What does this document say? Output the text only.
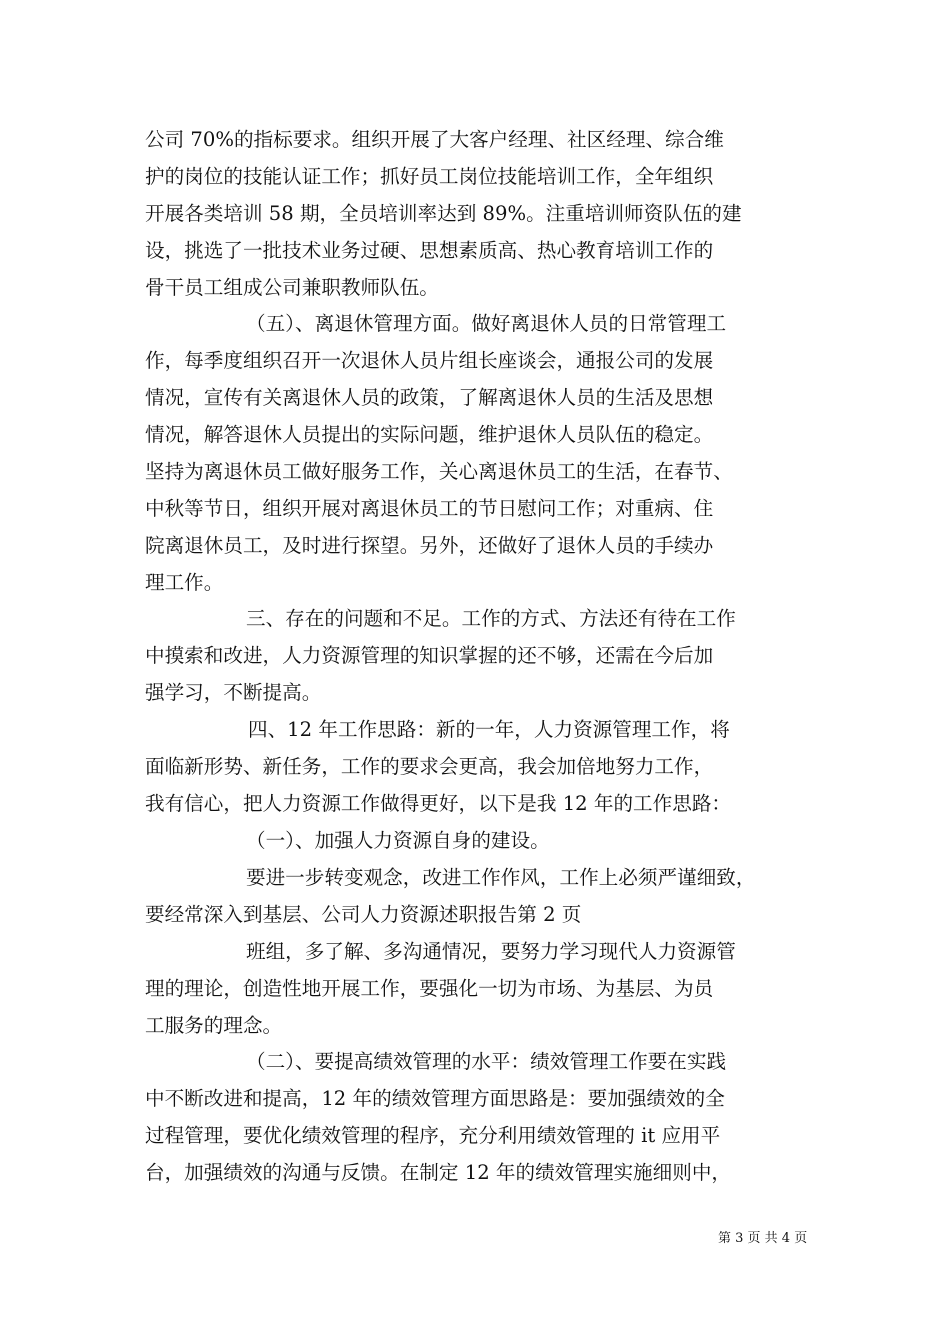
公司 70%的指标要求。组织开展了大客户经理、社区经理、综合维
护的岗位的技能认证工作；抓好员工岗位技能培训工作，全年组织
开展各类培训 58 期，全员培训率达到 89%。注重培训师资队伍的建
设，挑选了一批技术业务过硬、思想素质高、热心教育培训工作的
骨干员工组成公司兼职教师队伍。
（五）、离退休管理方面。做好离退休人员的日常管理工
作，每季度组织召开一次退休人员片组长座谈会，通报公司的发展
情况，宣传有关离退休人员的政策，了解离退休人员的生活及思想
情况，解答退休人员提出的实际问题，维护退休人员队伍的稳定。
坚持为离退休员工做好服务工作，关心离退休员工的生活，在春节、
中秋等节日，组织开展对离退休员工的节日慰问工作；对重病、住
院离退休员工，及时进行探望。另外，还做好了退休人员的手续办
理工作。
三、存在的问题和不足。工作的方式、方法还有待在工作
中摸索和改进，人力资源管理的知识掌握的还不够，还需在今后加
强学习，不断提高。
四、12 年工作思路：新的一年，人力资源管理工作，将
面临新形势、新任务，工作的要求会更高，我会加倍地努力工作，
我有信心，把人力资源工作做得更好，以下是我 12 年的工作思路：
（一）、加强人力资源自身的建设。
要进一步转变观念，改进工作作风，工作上必须严谨细致，
要经常深入到基层、公司人力资源述职报告第 2 页
班组，多了解、多沟通情况，要努力学习现代人力资源管
理的理论，创造性地开展工作，要强化一切为市场、为基层、为员
工服务的理念。
（二）、要提高绩效管理的水平：绩效管理工作要在实践
中不断改进和提高，12 年的绩效管理方面思路是：要加强绩效的全
过程管理，要优化绩效管理的程序，充分利用绩效管理的 it 应用平
台，加强绩效的沟通与反馈。在制定 12 年的绩效管理实施细则中，
第 3 页 共 4 页
